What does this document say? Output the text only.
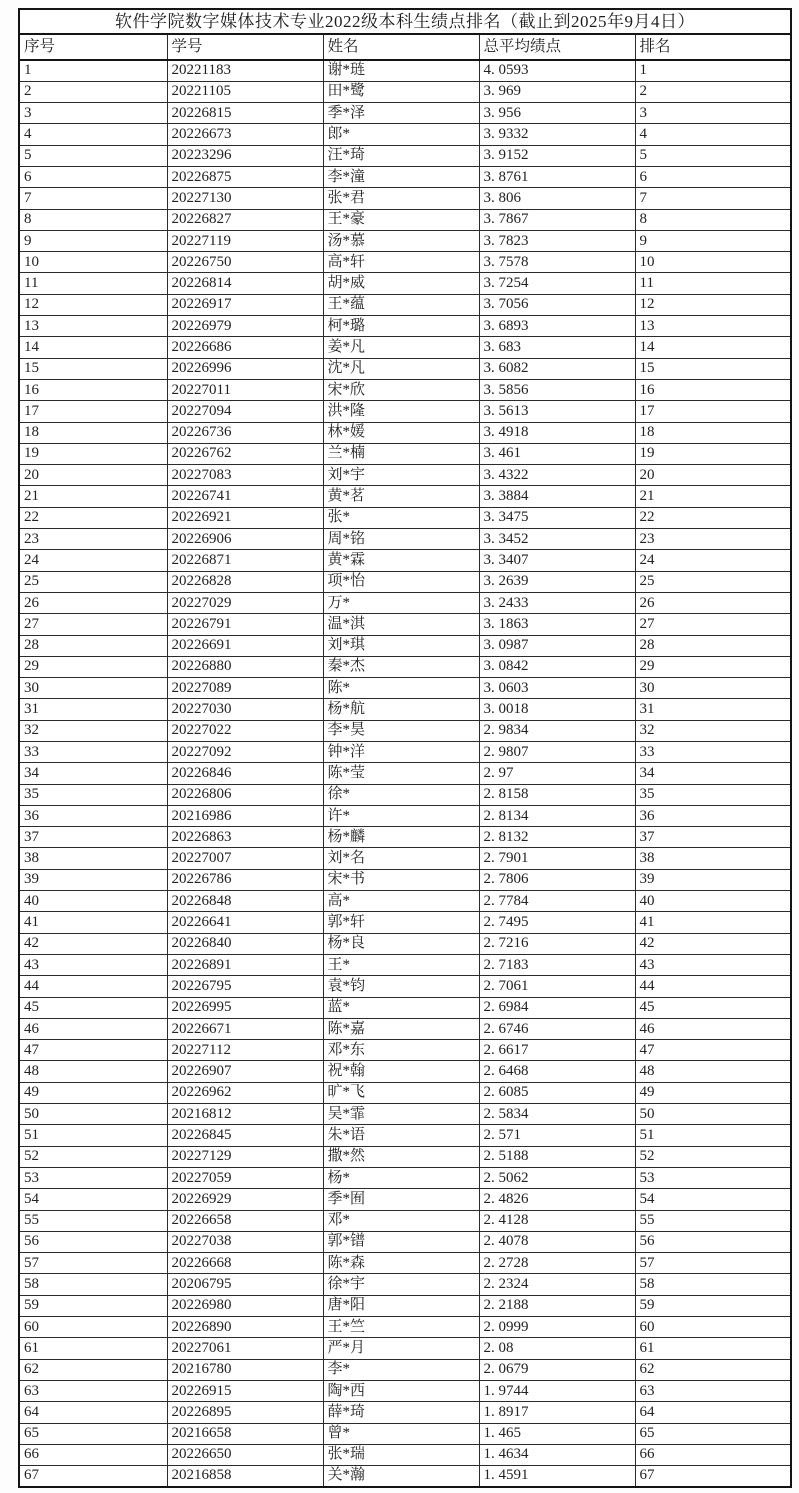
软件学院数字媒体技术专业2022级本科生绩点排名（截止到2025年9月4日）				
序号	学号	姓名	总平均绩点	排名
1	20221183	谢*琏	4. 0593	1
2	20221105	田*鹭	3. 969	2
3	20226815	季*泽	3. 956	3
4	20226673	郎*	3. 9332	4
5	20223296	汪*琦	3. 9152	5
6	20226875	李*潼	3. 8761	6
7	20227130	张*君	3. 806	7
8	20226827	王*豪	3. 7867	8
9	20227119	汤*慕	3. 7823	9
10	20226750	高*轩	3. 7578	10
11	20226814	胡*威	3. 7254	11
12	20226917	王*蕴	3. 7056	12
13	20226979	柯*璐	3. 6893	13
14	20226686	姜*凡	3. 683	14
15	20226996	沈*凡	3. 6082	15
16	20227011	宋*欣	3. 5856	16
17	20227094	洪*隆	3. 5613	17
18	20226736	林*媛	3. 4918	18
19	20226762	兰*楠	3. 461	19
20	20227083	刘*宇	3. 4322	20
21	20226741	黄*茗	3. 3884	21
22	20226921	张*	3. 3475	22
23	20226906	周*铭	3. 3452	23
24	20226871	黄*霖	3. 3407	24
25	20226828	项*怡	3. 2639	25
26	20227029	万*	3. 2433	26
27	20226791	温*淇	3. 1863	27
28	20226691	刘*琪	3. 0987	28
29	20226880	秦*杰	3. 0842	29
30	20227089	陈*	3. 0603	30
31	20227030	杨*航	3. 0018	31
32	20227022	李*昊	2. 9834	32
33	20227092	钟*洋	2. 9807	33
34	20226846	陈*莹	2. 97	34
35	20226806	徐*	2. 8158	35
36	20216986	许*	2. 8134	36
37	20226863	杨*麟	2. 8132	37
38	20227007	刘*名	2. 7901	38
39	20226786	宋*书	2. 7806	39
40	20226848	高*	2. 7784	40
41	20226641	郭*轩	2. 7495	41
42	20226840	杨*良	2. 7216	42
43	20226891	王*	2. 7183	43
44	20226795	袁*钧	2. 7061	44
45	20226995	蓝*	2. 6984	45
46	20226671	陈*嘉	2. 6746	46
47	20227112	邓*东	2. 6617	47
48	20226907	祝*翰	2. 6468	48
49	20226962	旷*飞	2. 6085	49
50	20216812	吴*霏	2. 5834	50
51	20226845	朱*语	2. 571	51
52	20227129	撒*然	2. 5188	52
53	20227059	杨*	2. 5062	53
54	20226929	季*囿	2. 4826	54
55	20226658	邓*	2. 4128	55
56	20227038	郭*镨	2. 4078	56
57	20226668	陈*森	2. 2728	57
58	20206795	徐*宇	2. 2324	58
59	20226980	唐*阳	2. 2188	59
60	20226890	王*竺	2. 0999	60
61	20227061	严*月	2. 08	61
62	20216780	李*	2. 0679	62
63	20226915	陶*西	1. 9744	63
64	20226895	薛*琦	1. 8917	64
65	20216658	曾*	1. 465	65
66	20226650	张*瑞	1. 4634	66
67	20216858	关*瀚	1. 4591	67
